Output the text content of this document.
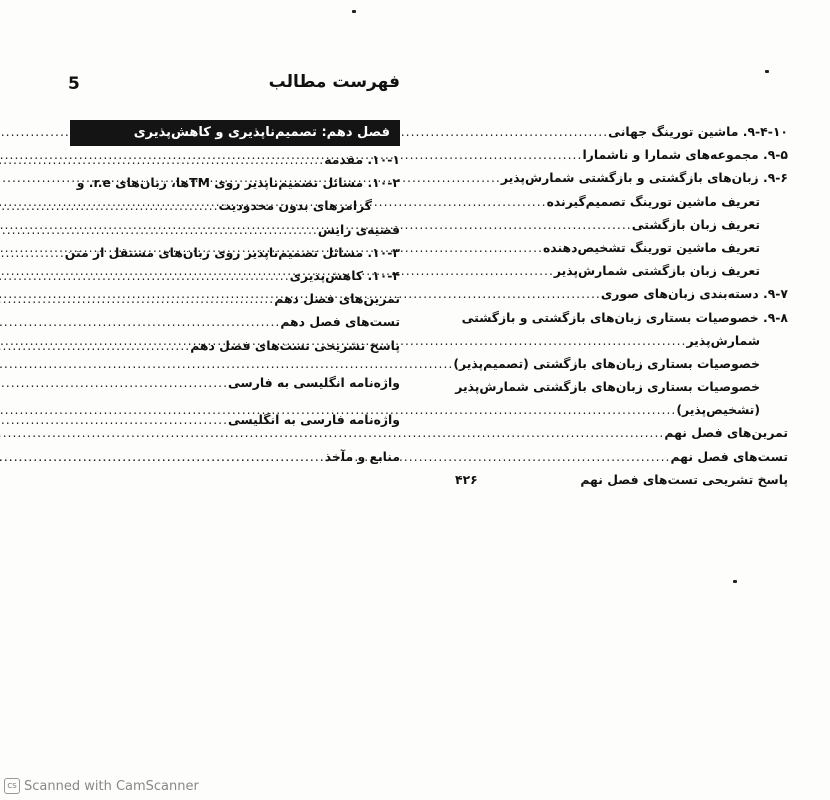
5	فهرست مطالب
۹-۴-۱۰. ماشین تورینگ جهانی
.....
۹-۵. مجموعه‌های شمارا و ناشمارا
.....
۹-۶. زبان‌های بازگشتی و بازگشتی شمارش‌پذیر
.....
تعریف ماشین تورینگ تصمیم‌گیرنده
.....
تعریف زبان بازگشتی
.....
تعریف ماشین تورینگ تشخیص‌دهنده
.....
تعریف زبان بازگشتی شمارش‌پذیر
.....
۹-۷. دسته‌بندی زبان‌های صوری
.....
۹-۸. خصوصیات بستاری زبان‌های بازگشتی و بازگشتی
شمارش‌پذیر
.....
خصوصیات بستاری زبان‌های بازگشتی (تصمیم‌پذیر)
.....
خصوصیات بستاری زبان‌های بازگشتی شمارش‌پذیر
(تشخیص‌پذیر)
.....
تمرین‌های فصل نهم
.....
تست‌های فصل نهم
.....
پاسخ تشریحی تست‌های فصل نهم
۴۲۶
فصل دهم: تصمیم‌ناپذیری و کاهش‌پذیری
۱۰-۱. مقدمه
.....
۱۰-۲. مسائل تصمیم‌ناپذیر روی TMها، زبان‌های r.e. و
گرامرهای بدون محدودیت
.....
قضیه‌ی رایس
.....
۱۰-۳. مسائل تصمیم‌ناپذیر روی زبان‌های مستقل از متن
.....
۱۰-۴. کاهش‌پذیری
.....
تمرین‌های فصل دهم
.....
تست‌های فصل دهم
.....
پاسخ تشریحی تست‌های فصل دهم
.....
واژه‌نامه انگلیسی به فارسی
.....
واژه‌نامه فارسی به انگلیسی
.....
منابع و مآخذ
.....
CS Scanned with CamScanner
